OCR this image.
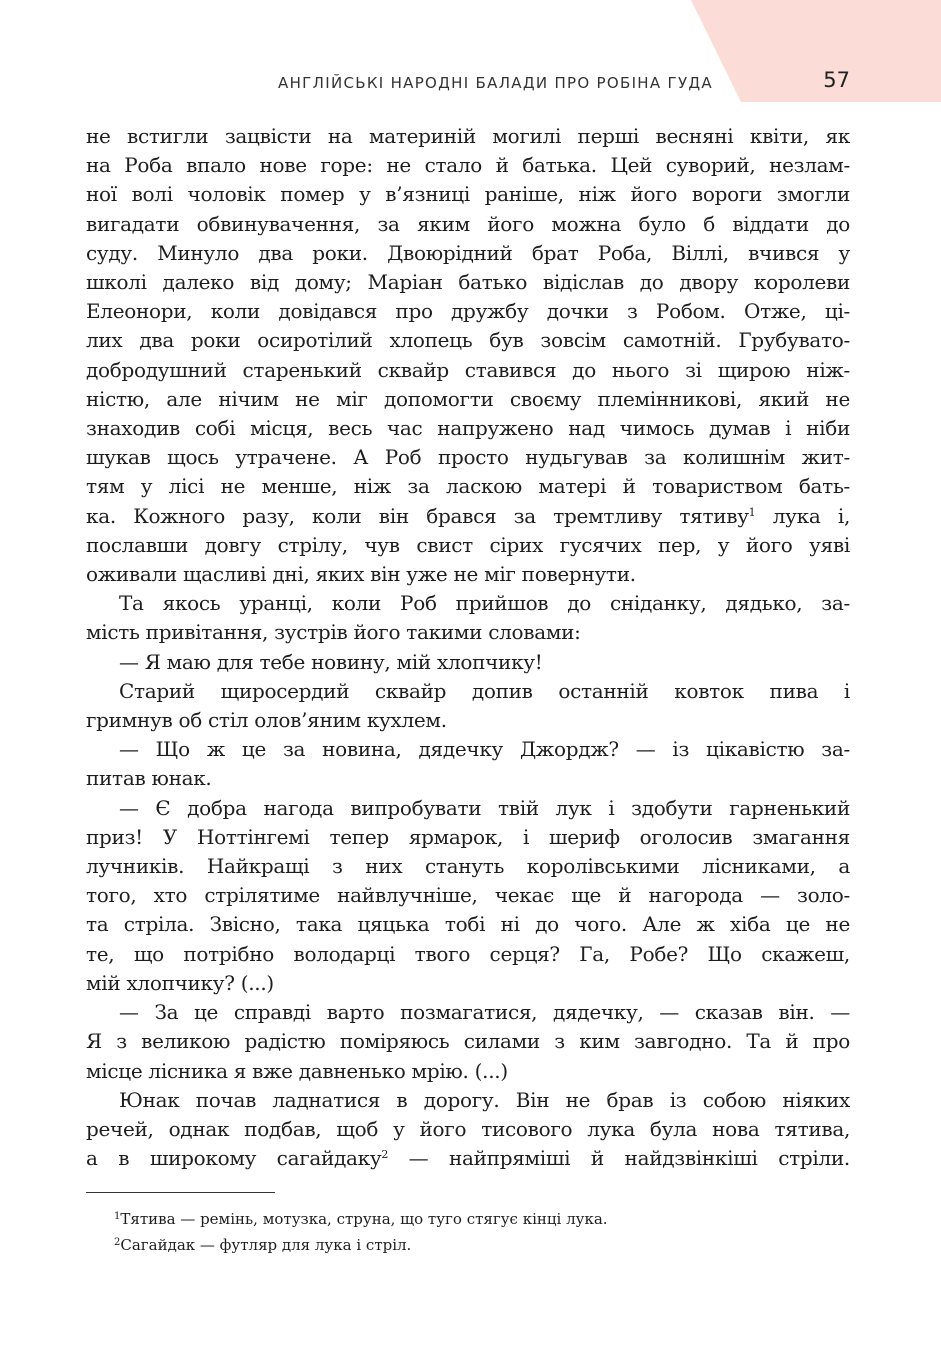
АНГЛІЙСЬКІ НАРОДНІ БАЛАДИ ПРО РОБІНА ГУДА	57
не встигли зацвісти на материній могилі перші весняні квіти, як
на Роба впало нове горе: не стало й батька. Цей суворий, незлам-
ної волі чоловік помер у в’язниці раніше, ніж його вороги змогли
вигадати обвинувачення, за яким його можна було б віддати до
суду. Минуло два роки. Двоюрідний брат Роба, Віллі, вчився у
школі далеко від дому; Маріан батько відіслав до двору королеви
Елеонори, коли довідався про дружбу дочки з Робом. Отже, ці-
лих два роки осиротілий хлопець був зовсім самотній. Грубувато-
добродушний старенький сквайр ставився до нього зі щирою ніж-
ністю, але нічим не міг допомогти своєму племінникові, який не
знаходив собі місця, весь час напружено над чимось думав і ніби
шукав щось утрачене. А Роб просто нудьгував за колишнім жит-
тям у лісі не менше, ніж за ласкою матері й товариством бать-
ка. Кожного разу, коли він брався за тремтливу тятиву$^1$ лука і,
пославши довгу стрілу, чув свист сірих гусячих пер, у його уяві
оживали щасливі дні, яких він уже не міг повернути.
Та якось уранці, коли Роб прийшов до сніданку, дядько, за-
мість привітання, зустрів його такими словами:
— Я маю для тебе новину, мій хлопчику!
Старий щиросердий сквайр допив останній ковток пива і
гримнув об стіл олов’яним кухлем.
— Що ж це за новина, дядечку Джордж? — із цікавістю за-
питав юнак.
— Є добра нагода випробувати твій лук і здобути гарненький
приз! У Ноттінгемі тепер ярмарок, і шериф оголосив змагання
лучників. Найкращі з них стануть королівськими лісниками, а
того, хто стрілятиме найвлучніше, чекає ще й нагорода — золо-
та стріла. Звісно, така цяцька тобі ні до чого. Але ж хіба це не
те, що потрібно володарці твого серця? Га, Робе? Що скажеш,
мій хлопчику? (...)
— За це справді варто позмагатися, дядечку, — сказав він. —
Я з великою радістю поміряюсь силами з ким завгодно. Та й про
місце лісника я вже давненько мрію. (...)
Юнак почав ладнатися в дорогу. Він не брав із собою ніяких
речей, однак подбав, щоб у його тисового лука була нова тятива,
а в широкому сагайдаку$^2$ — найпряміші й найдзвінкіші стріли.
$^1$Тятива — ремінь, мотузка, струна, що туго стягує кінці лука.
$^2$Сагайдак — футляр для лука і стріл.
